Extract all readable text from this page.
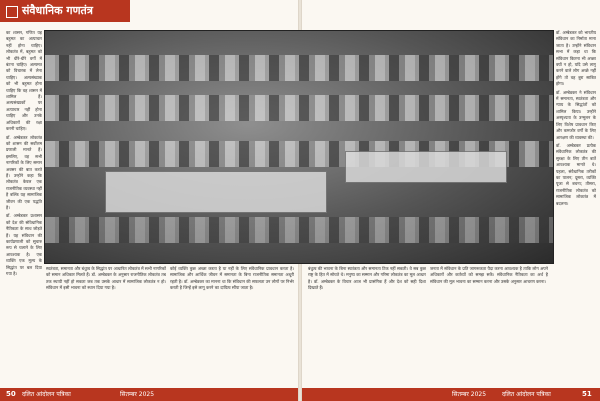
संवैधानिक गणतंत्र

का शासन, गणित यह बहुमत का अत्याचार नहीं होना चाहिए। लोकतंत्र में, बहुमत को भी धीरे-धीरे वर्गों में बंटना चाहिए। अल्पमत को विचारक में लेना चाहिए। अल्पसंख्यक को भी बहुमत होना चाहिए कि वह शासन में शामिल हैं। अल्पसंख्यकों पर अत्याचार नहीं होना चाहिए और उनके अधिकारों की रक्षा करनी चाहिए।

डॉ. अम्बेडकर लोकतंत्र को शासन की सर्वोत्तम प्रणाली मानते हैं। इसलिए, वह सभी नागरिकों के लिए समान अवसर की बात करते हैं। उन्होंने कहा कि लोकतंत्र केवल एक राजनीतिक व्यवस्था नहीं है बल्कि यह सामाजिक जीवन की एक पद्धति है।

डॉ. अम्बेडकर प्रशासन को देश की संविधानिक नैतिकता के साथ जोड़ते हैं। यह संविधान की कार्यप्रणाली को सुचारु रूप से चलाने के लिए आवश्यक है। एक व्यक्ति एक मूल्य के सिद्धांत पर बल दिया गया है।

स्वतंत्रता, समानता और बंधुत्व के सिद्धांत पर आधारित लोकतंत्र में सभी नागरिकों को समान अधिकार मिलते हैं। डॉ. अम्बेडकर के अनुसार राजनीतिक लोकतंत्र तब तक स्थायी नहीं हो सकता जब तक उसके आधार में सामाजिक लोकतंत्र न हो। संविधान में इसी भावना को स्थान दिया गया है।

कोई व्यक्ति कुछ अच्छा करता है या नहीं के लिए संवैधानिक प्रावधान करता है। सामाजिक और आर्थिक जीवन में समानता के बिना राजनीतिक समानता अधूरी रहती है। डॉ. अम्बेडकर का मानना था कि संविधान की सफलता उन लोगों पर निर्भर करती है जिन्हें इसे लागू करने का दायित्व सौंपा जाता है।

50 दलित आंदोलन पत्रिका	सितम्बर 2025

बंधुत्व की भावना के बिना स्वतंत्रता और समानता टिक नहीं सकती। वे सब कुछ राष्ट्र के हित में सोचते थे। मनुष्य का सम्मान और गरिमा लोकतंत्र का मूल आधार है। डॉ. अम्बेडकर के विचार आज भी प्रासंगिक हैं और देश को सही दिशा दिखाते हैं।

जनता में संविधान के प्रति जागरूकता पैदा करना आवश्यक है ताकि लोग अपने अधिकारों और कर्तव्यों को समझ सकें। संवैधानिक नैतिकता का अर्थ है संविधान की मूल भावना का सम्मान करना और उसके अनुसार आचरण करना।

डॉ. अम्बेडकर को भारतीय संविधान का निर्माता माना जाता है। उन्होंने संविधान सभा में कहा था कि संविधान कितना भी अच्छा क्यों न हो, यदि उसे लागू करने वाले लोग अच्छे नहीं होंगे तो वह बुरा साबित होगा।

डॉ. अम्बेडकर ने संविधान में समानता, स्वतंत्रता और न्याय के सिद्धांतों को शामिल किया। उन्होंने अस्पृश्यता के उन्मूलन के लिए विशेष प्रावधान किए और कमजोर वर्गों के लिए आरक्षण की व्यवस्था की।

डॉ. अम्बेडकर प्रत्येक संवैधानिक लोकतंत्र की सुरक्षा के लिए तीन बातें आवश्यक मानते थे। पहला, संवैधानिक तरीकों का पालन; दूसरा, व्यक्ति पूजा से बचना; तीसरा, राजनीतिक लोकतंत्र को सामाजिक लोकतंत्र में बदलना।

सितम्बर 2025	दलित आंदोलन पत्रिका	51
